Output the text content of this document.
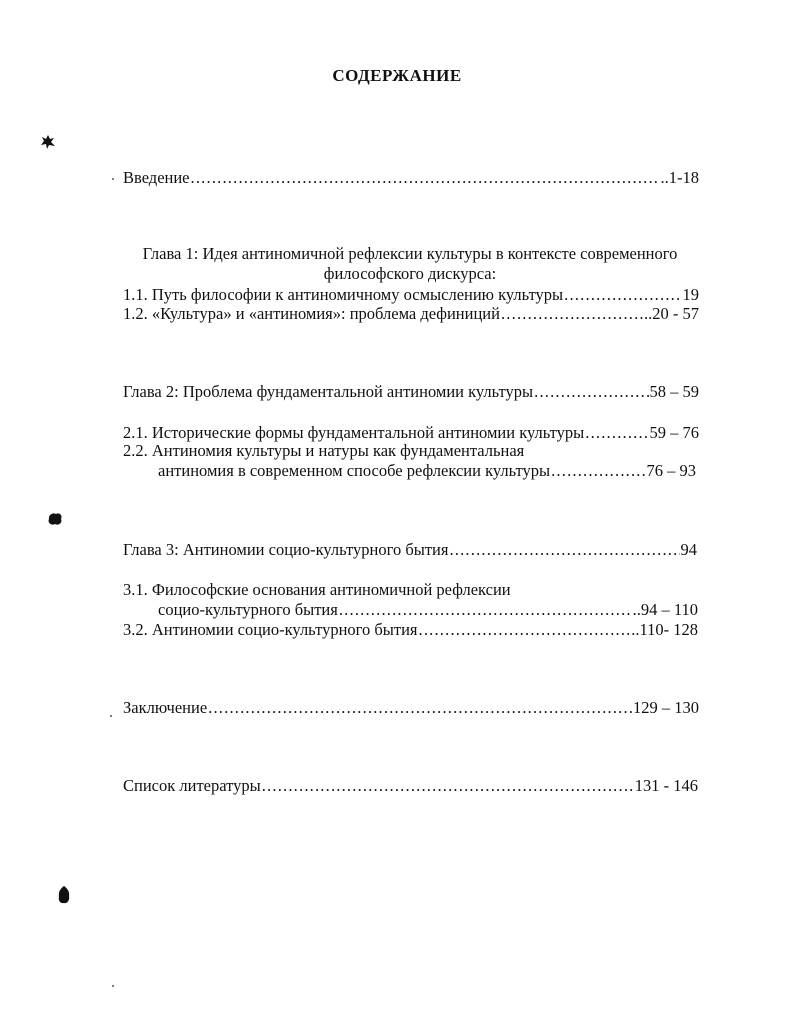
СОДЕРЖАНИЕ
Введение .....	..1-18
Глава 1: Идея антиномичной рефлексии культуры в контексте современного
философского дискурса:
1.1. Путь философии к антиномичному осмыслению культуры .....	19
1.2. «Культура» и «антиномия»: проблема дефиниций .....	..20 - 57
Глава 2: Проблема фундаментальной антиномии культуры .....	58 – 59
2.1. Исторические формы фундаментальной антиномии культуры .....	59 – 76
2.2. Антиномия культуры и натуры как фундаментальная
антиномия в современном способе рефлексии культуры .....	76 – 93
Глава 3: Антиномии социо-культурного бытия .....	94
3.1. Философские основания антиномичной рефлексии
социо-культурного бытия .....	..94 – 110
3.2. Антиномии социо-культурного бытия .....	..110- 128
Заключение .....	129 – 130
Список литературы .....	131 - 146
